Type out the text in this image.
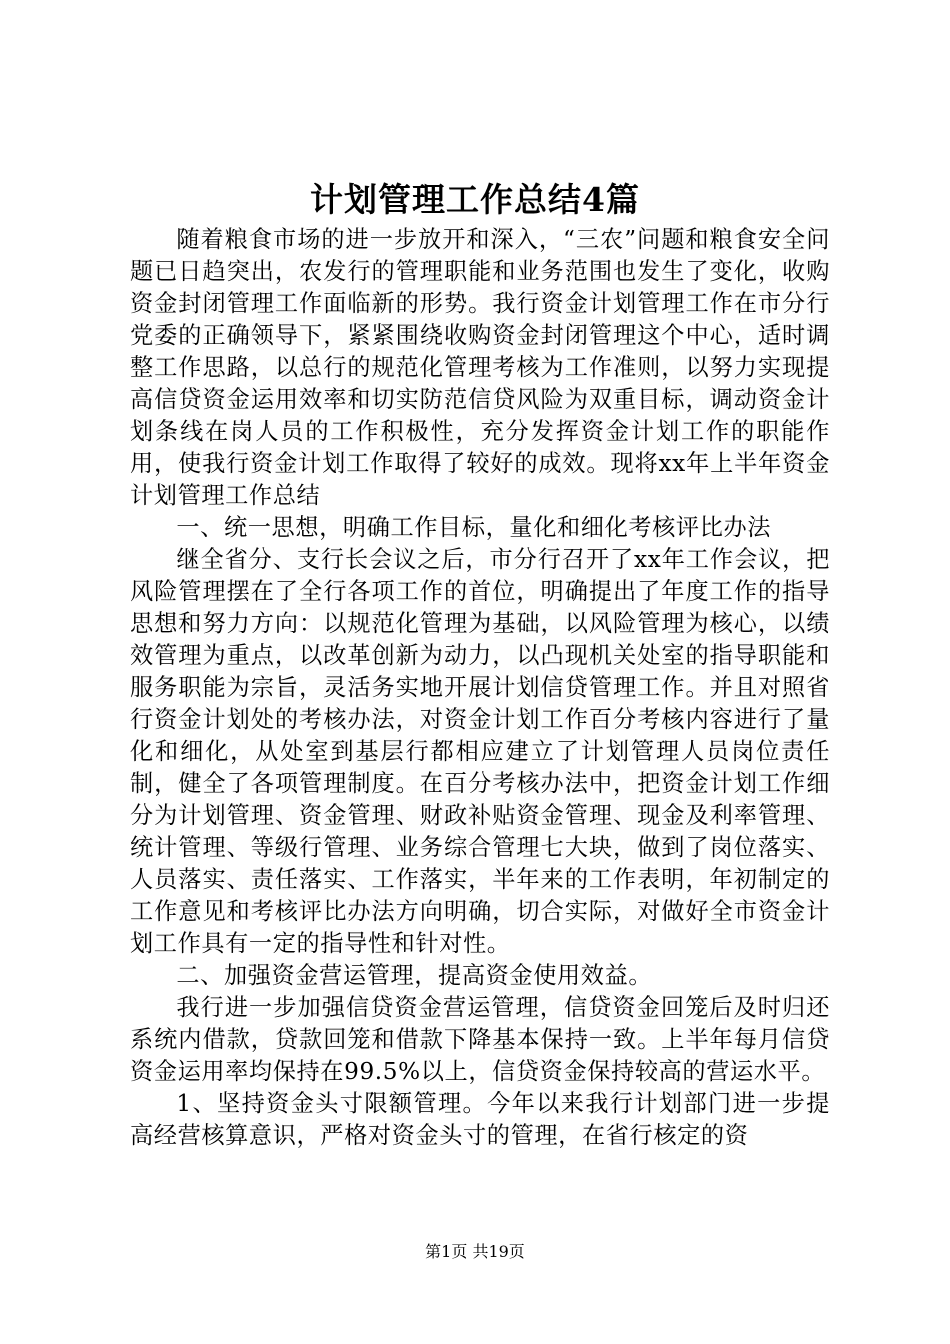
计划管理工作总结4篇

随着粮食市场的进一步放开和深入，“三农”问题和粮食安全问题已日趋突出，农发行的管理职能和业务范围也发生了变化，收购资金封闭管理工作面临新的形势。我行资金计划管理工作在市分行党委的正确领导下，紧紧围绕收购资金封闭管理这个中心，适时调整工作思路，以总行的规范化管理考核为工作准则，以努力实现提高信贷资金运用效率和切实防范信贷风险为双重目标，调动资金计划条线在岗人员的工作积极性，充分发挥资金计划工作的职能作用，使我行资金计划工作取得了较好的成效。现将xx年上半年资金计划管理工作总结

一、统一思想，明确工作目标，量化和细化考核评比办法

继全省分、支行长会议之后，市分行召开了xx年工作会议，把风险管理摆在了全行各项工作的首位，明确提出了年度工作的指导思想和努力方向：以规范化管理为基础，以风险管理为核心，以绩效管理为重点，以改革创新为动力，以凸现机关处室的指导职能和服务职能为宗旨，灵活务实地开展计划信贷管理工作。并且对照省行资金计划处的考核办法，对资金计划工作百分考核内容进行了量化和细化，从处室到基层行都相应建立了计划管理人员岗位责任制，健全了各项管理制度。在百分考核办法中，把资金计划工作细分为计划管理、资金管理、财政补贴资金管理、现金及利率管理、统计管理、等级行管理、业务综合管理七大块，做到了岗位落实、人员落实、责任落实、工作落实，半年来的工作表明，年初制定的工作意见和考核评比办法方向明确，切合实际，对做好全市资金计划工作具有一定的指导性和针对性。

二、加强资金营运管理，提高资金使用效益。

我行进一步加强信贷资金营运管理，信贷资金回笼后及时归还系统内借款，贷款回笼和借款下降基本保持一致。上半年每月信贷资金运用率均保持在99.5%以上，信贷资金保持较高的营运水平。

1、坚持资金头寸限额管理。今年以来我行计划部门进一步提高经营核算意识，严格对资金头寸的管理，在省行核定的资

第1页 共19页
